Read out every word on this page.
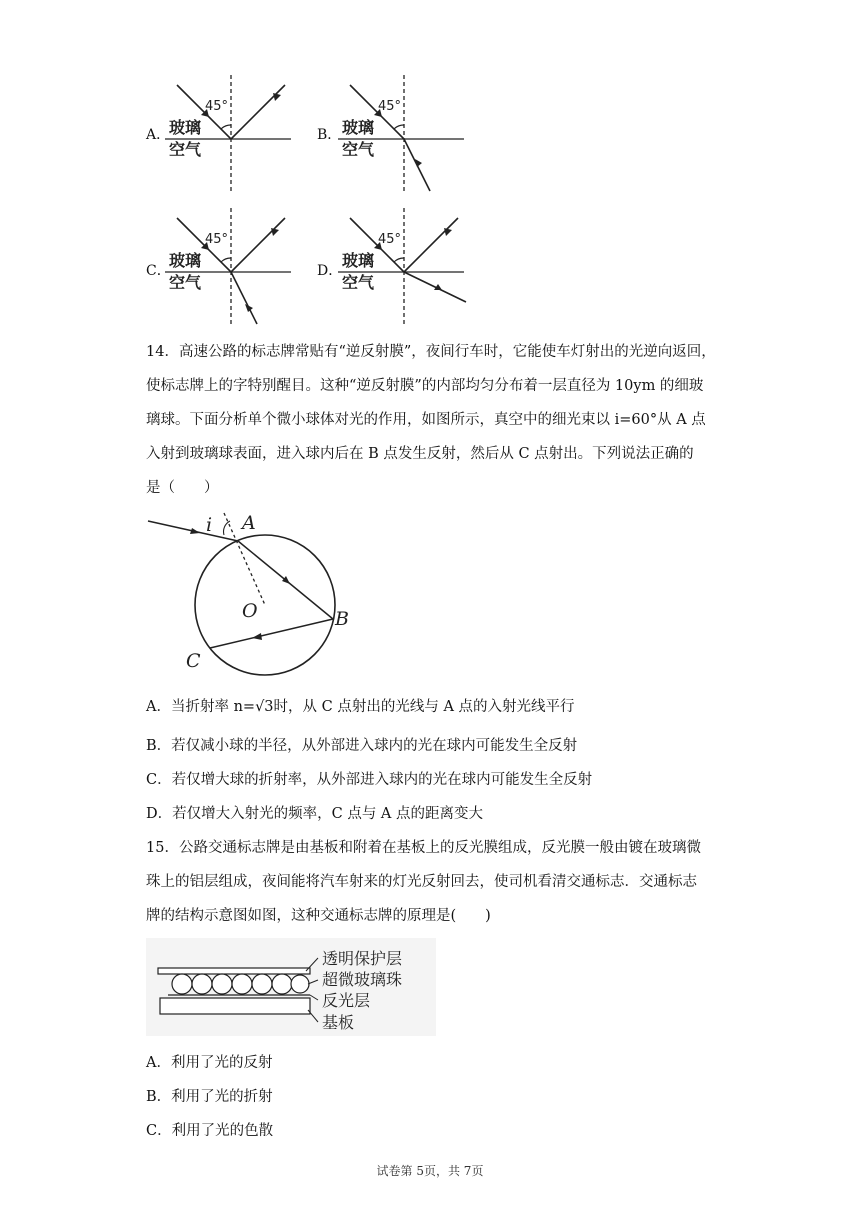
A．
45°
玻璃
空气
B．
45°
玻璃
空气
C．
45°
玻璃
空气
D．
45°
玻璃
空气
14．高速公路的标志牌常贴有“逆反射膜”，夜间行车时，它能使车灯射出的光逆向返回，
使标志牌上的字特别醒目。这种“逆反射膜”的内部均匀分布着一层直径为 10ym 的细玻
璃球。下面分析单个微小球体对光的作用，如图所示，真空中的细光束以 i=60°从 A 点
入射到玻璃球表面，进入球内后在 B 点发生反射，然后从 C 点射出。下列说法正确的
是（　　）
i A
O	B
C
A．当折射率 n=√3时，从 C 点射出的光线与 A 点的入射光线平行
B．若仅减小球的半径，从外部进入球内的光在球内可能发生全反射
C．若仅增大球的折射率，从外部进入球内的光在球内可能发生全反射
D．若仅增大入射光的频率，C 点与 A 点的距离变大
15．公路交通标志牌是由基板和附着在基板上的反光膜组成，反光膜一般由镀在玻璃微
珠上的铝层组成，夜间能将汽车射来的灯光反射回去，使司机看清交通标志．交通标志
牌的结构示意图如图，这种交通标志牌的原理是(　　)
透明保护层
超微玻璃珠
反光层
基板
A．利用了光的反射
B．利用了光的折射
C．利用了光的色散
试卷第 5页，共 7页
